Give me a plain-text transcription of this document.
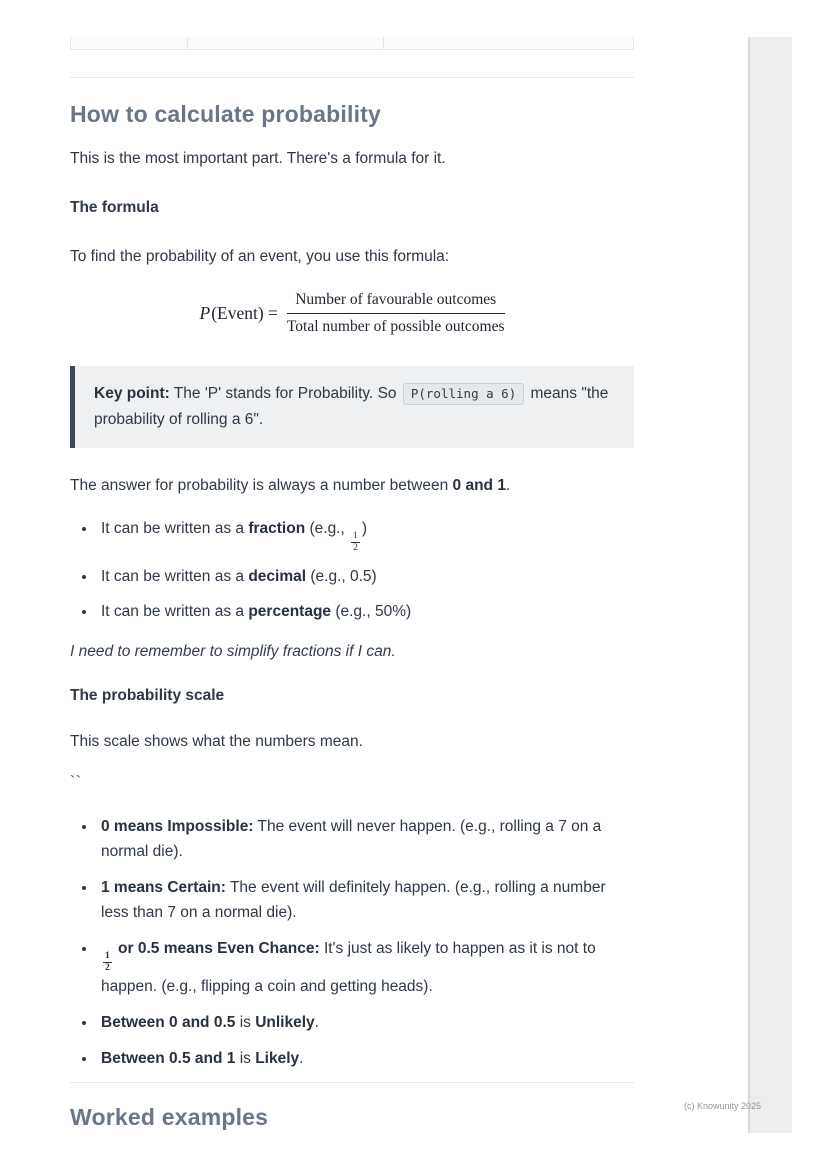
(c) Knowunity 2025
How to calculate probability

This is the most important part. There's a formula for it.

The formula

To find the probability of an event, you use this formula:

P(Event) = $\frac{\text{Number of favourable outcomes}}{\text{Total number of possible outcomes}}$
Key point: The 'P' stands for Probability. So P(rolling a 6) means "the probability of rolling a 6".

The answer for probability is always a number between 0 and 1.

• It can be written as a fraction (e.g.,
$\frac{1}{2}$
)
• It can be written as a decimal (e.g., 0.5)
• It can be written as a percentage (e.g., 50%)

I need to remember to simplify fractions if I can.

The probability scale

This scale shows what the numbers mean.

``

• 0 means Impossible: The event will never happen. (e.g., rolling a 7 on a normal die).
• 1 means Certain: The event will definitely happen. (e.g., rolling a number less than 7 on a normal die).
• $\frac{1}{2}$
or 0.5 means Even Chance: It's just as likely to happen as it is not to happen. (e.g., flipping a coin and getting heads).
• Between 0 and 0.5 is Unlikely.
• Between 0.5 and 1 is Likely.
Worked examples
